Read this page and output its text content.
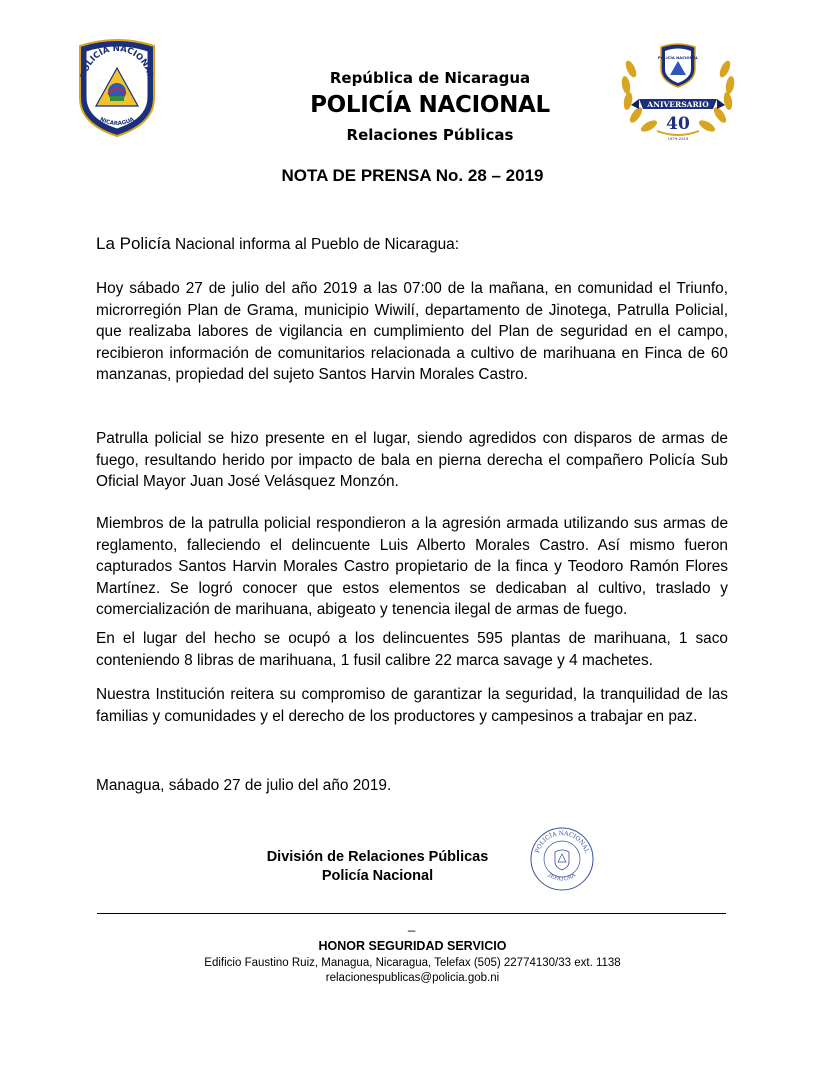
POLICÍA NACIONAL
NICARAGUA
República de Nicaragua
POLICÍA NACIONAL
Relaciones Públicas
POLICÍA NACIONAL
ANIVERSARIO
40
1979-2019
NOTA DE PRENSA No. 28 – 2019
La Policía Nacional informa al Pueblo de Nicaragua:
Hoy sábado 27 de julio del año 2019 a las 07:00 de la mañana, en comunidad el Triunfo, microrregión Plan de Grama, municipio Wiwilí, departamento de Jinotega, Patrulla Policial, que realizaba labores de vigilancia en cumplimiento del Plan de seguridad en el campo, recibieron información de comunitarios relacionada a cultivo de marihuana en Finca de 60 manzanas, propiedad del sujeto Santos Harvin Morales Castro.
Patrulla policial se hizo presente en el lugar, siendo agredidos con disparos de armas de fuego, resultando herido por impacto de bala en pierna derecha el compañero Policía Sub Oficial Mayor Juan José Velásquez Monzón.
Miembros de la patrulla policial respondieron a la agresión armada utilizando sus armas de reglamento, falleciendo el delincuente Luis Alberto Morales Castro. Así mismo fueron capturados Santos Harvin Morales Castro propietario de la finca y Teodoro Ramón Flores Martínez. Se logró conocer que estos elementos se dedicaban al cultivo, traslado y comercialización de marihuana, abigeato y tenencia ilegal de armas de fuego.
En el lugar del hecho se ocupó a los delincuentes 595 plantas de marihuana, 1 saco conteniendo 8 libras de marihuana, 1 fusil calibre 22 marca savage y 4 machetes.
Nuestra Institución reitera su compromiso de garantizar la seguridad, la tranquilidad de las familias y comunidades y el derecho de los productores y campesinos a trabajar en paz.
Managua, sábado 27 de julio del año 2019.
División de Relaciones Públicas
Policía Nacional
POLICÍA NACIONAL
JEFATURA
_
HONOR SEGURIDAD SERVICIO
Edificio Faustino Ruiz, Managua, Nicaragua, Telefax (505) 22774130/33 ext. 1138
relacionespublicas@policia.gob.ni
